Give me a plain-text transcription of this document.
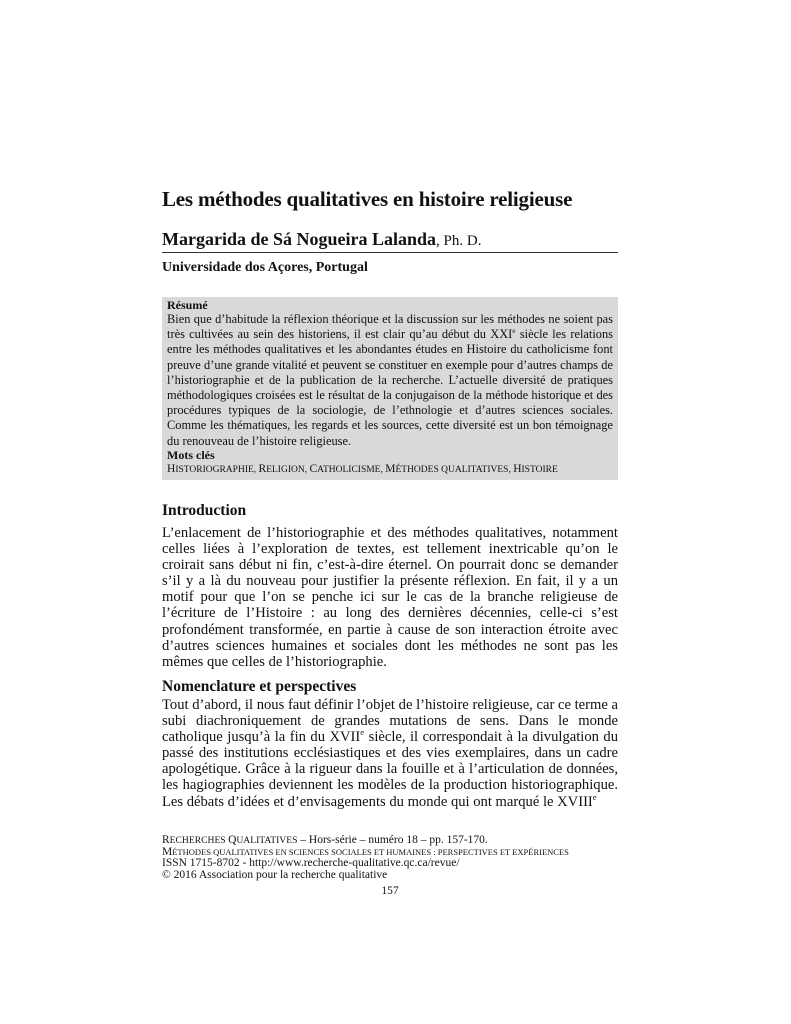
Les méthodes qualitatives en histoire religieuse
Margarida de Sá Nogueira Lalanda, Ph. D.
Universidade dos Açores, Portugal
Résumé
Bien que d’habitude la réflexion théorique et la discussion sur les méthodes ne soient pas très cultivées au sein des historiens, il est clair qu’au début du XXIe siècle les relations entre les méthodes qualitatives et les abondantes études en Histoire du catholicisme font preuve d’une grande vitalité et peuvent se constituer en exemple pour d’autres champs de l’historiographie et de la publication de la recherche. L’actuelle diversité de pratiques méthodologiques croisées est le résultat de la conjugaison de la méthode historique et des procédures typiques de la sociologie, de l’ethnologie et d’autres sciences sociales. Comme les thématiques, les regards et les sources, cette diversité est un bon témoignage du renouveau de l’histoire religieuse.
Mots clés
HISTORIOGRAPHIE, RELIGION, CATHOLICISME, MÉTHODES QUALITATIVES, HISTOIRE
Introduction

L’enlacement de l’historiographie et des méthodes qualitatives, notamment celles liées à l’exploration de textes, est tellement inextricable qu’on le croirait sans début ni fin, c’est-à-dire éternel. On pourrait donc se demander s’il y a là du nouveau pour justifier la présente réflexion. En fait, il y a un motif pour que l’on se penche ici sur le cas de la branche religieuse de l’écriture de l’Histoire : au long des dernières décennies, celle-ci s’est profondément transformée, en partie à cause de son interaction étroite avec d’autres sciences humaines et sociales dont les méthodes ne sont pas les mêmes que celles de l’historiographie.

Nomenclature et perspectives

Tout d’abord, il nous faut définir l’objet de l’histoire religieuse, car ce terme a subi diachroniquement de grandes mutations de sens. Dans le monde catholique jusqu’à la fin du XVIIe siècle, il correspondait à la divulgation du passé des institutions ecclésiastiques et des vies exemplaires, dans un cadre apologétique. Grâce à la rigueur dans la fouille et à l’articulation de données, les hagiographies deviennent les modèles de la production historiographique. Les débats d’idées et d’envisagements du monde qui ont marqué le XVIIIe

RECHERCHES QUALITATIVES – Hors-série – numéro 18 – pp. 157-170.
MÉTHODES QUALITATIVES EN SCIENCES SOCIALES ET HUMAINES : PERSPECTIVES ET EXPÉRIENCES
ISSN 1715-8702 - http://www.recherche-qualitative.qc.ca/revue/
© 2016 Association pour la recherche qualitative
157
